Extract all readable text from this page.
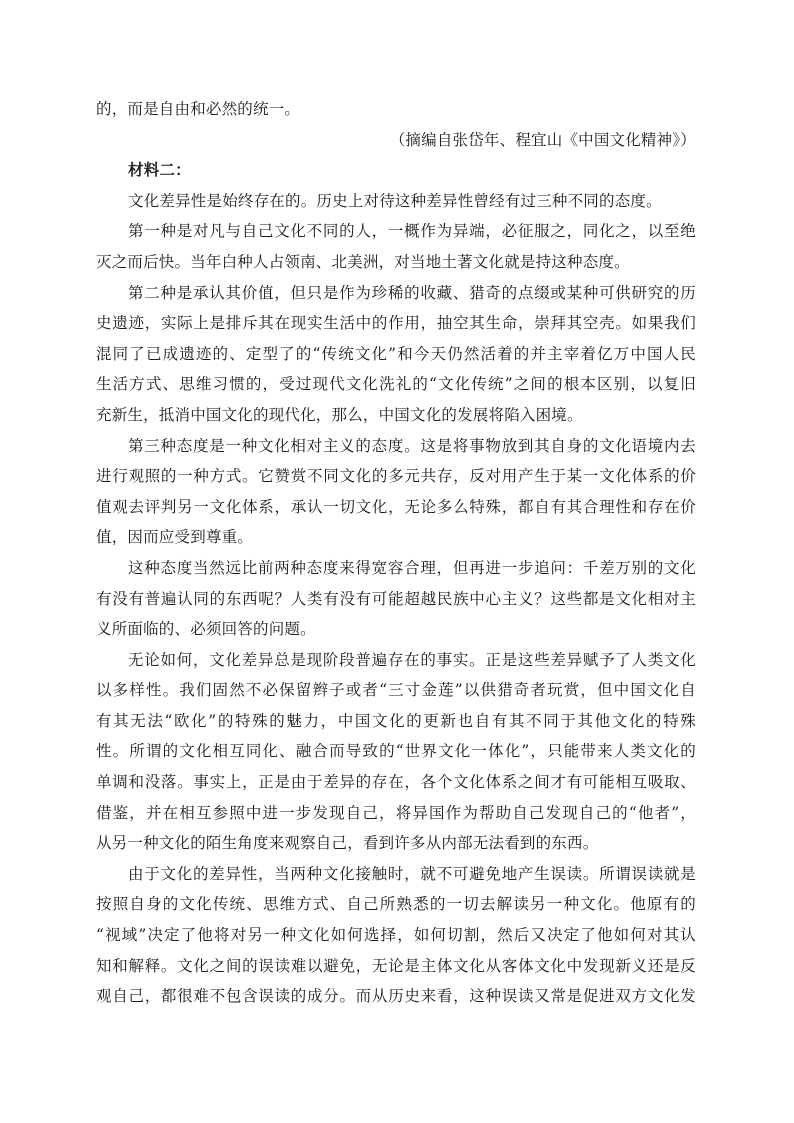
的，而是自由和必然的统一。
（摘编自张岱年、程宜山《中国文化精神》）
材料二：
文化差异性是始终存在的。历史上对待这种差异性曾经有过三种不同的态度。
第一种是对凡与自己文化不同的人，一概作为异端，必征服之，同化之，以至绝
灭之而后快。当年白种人占领南、北美洲，对当地土著文化就是持这种态度。
第二种是承认其价值，但只是作为珍稀的收藏、猎奇的点缀或某种可供研究的历
史遗迹，实际上是排斥其在现实生活中的作用，抽空其生命，崇拜其空壳。如果我们
混同了已成遗迹的、定型了的“传统文化”和今天仍然活着的并主宰着亿万中国人民
生活方式、思维习惯的，受过现代文化洗礼的“文化传统”之间的根本区别，以复旧
充新生，抵消中国文化的现代化，那么，中国文化的发展将陷入困境。
第三种态度是一种文化相对主义的态度。这是将事物放到其自身的文化语境内去
进行观照的一种方式。它赞赏不同文化的多元共存，反对用产生于某一文化体系的价
值观去评判另一文化体系，承认一切文化，无论多么特殊，都自有其合理性和存在价
值，因而应受到尊重。
这种态度当然远比前两种态度来得宽容合理，但再进一步追问：千差万别的文化
有没有普遍认同的东西呢？人类有没有可能超越民族中心主义？这些都是文化相对主
义所面临的、必须回答的问题。
无论如何，文化差异总是现阶段普遍存在的事实。正是这些差异赋予了人类文化
以多样性。我们固然不必保留辫子或者“三寸金莲”以供猎奇者玩赏，但中国文化自
有其无法“欧化”的特殊的魅力，中国文化的更新也自有其不同于其他文化的特殊
性。所谓的文化相互同化、融合而导致的“世界文化一体化”，只能带来人类文化的
单调和没落。事实上，正是由于差异的存在，各个文化体系之间才有可能相互吸取、
借鉴，并在相互参照中进一步发现自己，将异国作为帮助自己发现自己的“他者”，
从另一种文化的陌生角度来观察自己，看到许多从内部无法看到的东西。
由于文化的差异性，当两种文化接触时，就不可避免地产生误读。所谓误读就是
按照自身的文化传统、思维方式、自己所熟悉的一切去解读另一种文化。他原有的
“视域”决定了他将对另一种文化如何选择，如何切割，然后又决定了他如何对其认
知和解释。文化之间的误读难以避免，无论是主体文化从客体文化中发现新义还是反
观自己，都很难不包含误读的成分。而从历史来看，这种误读又常是促进双方文化发
